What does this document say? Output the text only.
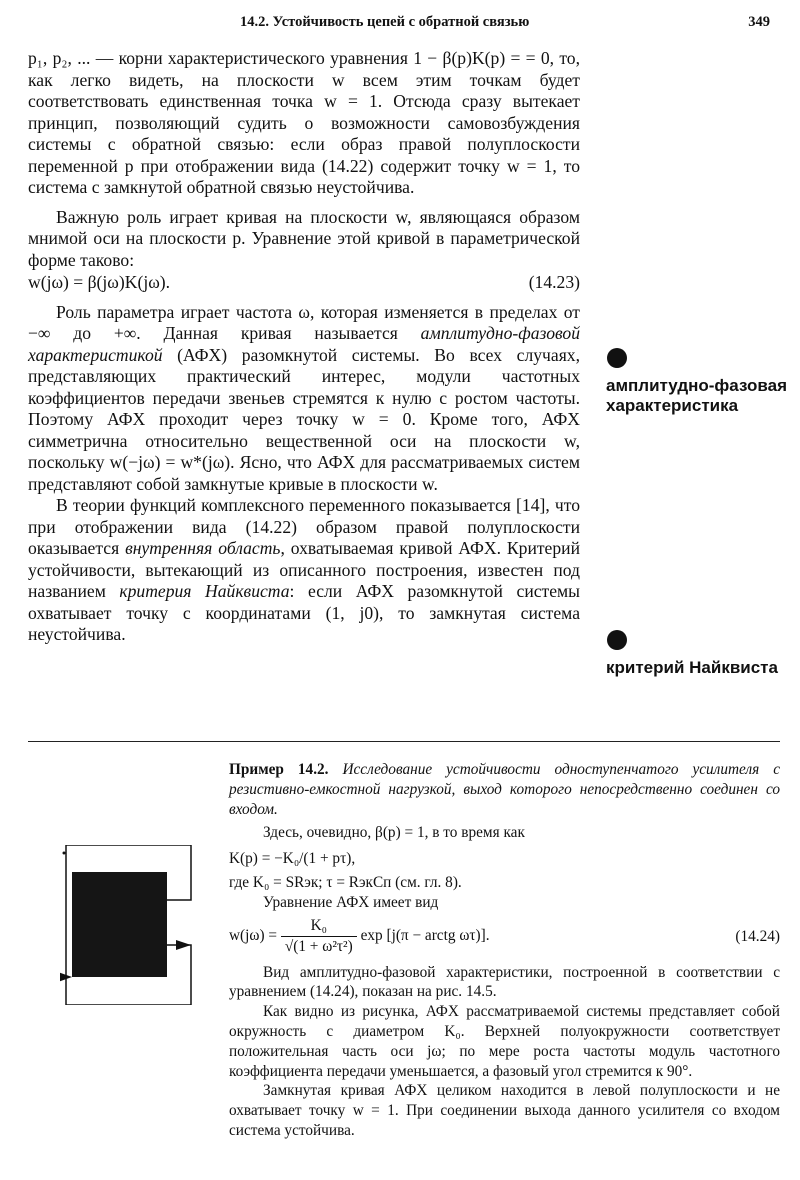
14.2. Устойчивость цепей с обратной связью	349

p₁, p₂, ... — корни характеристического уравнения 1 − β(p)K(p) = = 0, то, как легко видеть, на плоскости w всем этим точкам будет соответствовать единственная точка w = 1. Отсюда сразу вытекает принцип, позволяющий судить о возможности самовозбуждения системы с обратной связью: если образ правой полуплоскости переменной p при отображении вида (14.22) содержит точку w = 1, то система с замкнутой обратной связью неустойчива.

Важную роль играет кривая на плоскости w, являющаяся образом мнимой оси на плоскости p. Уравнение этой кривой в параметрической форме таково:

w(jω) = β(jω)K(jω).	(14.23)

Роль параметра играет частота ω, которая изменяется в пределах от −∞ до +∞. Данная кривая называется амплитудно-фазовой характеристикой (АФХ) разомкнутой системы. Во всех случаях, представляющих практический интерес, модули частотных коэффициентов передачи звеньев стремятся к нулю с ростом частоты. Поэтому АФХ проходит через точку w = 0. Кроме того, АФХ симметрична относительно вещественной оси на плоскости w, поскольку w(−jω) = w*(jω). Ясно, что АФХ для рассматриваемых систем представляют собой замкнутые кривые в плоскости w.

В теории функций комплексного переменного показывается [14], что при отображении вида (14.22) образом правой полуплоскости оказывается внутренняя область, охватываемая кривой АФХ. Критерий устойчивости, вытекающий из описанного построения, известен под названием критерия Найквиста: если АФХ разомкнутой системы охватывает точку с координатами (1, j0), то замкнутая система неустойчива.

амплитудно-фазовая характеристика
критерий Найквиста

Пример 14.2. Исследование устойчивости одноступенчатого усилителя с резистивно-емкостной нагрузкой, выход которого непосредственно соединен со входом.

Здесь, очевидно, β(p) = 1, в то время как

K(p) = −K₀/(1 + pτ),

где K₀ = SRэк; τ = RэкCп (см. гл. 8).

Уравнение АФХ имеет вид

$w(j\omega) = \frac{\text{K₀}}{\text{√(1 + ω²τ²)}}$ exp [j(π − arctg ωτ)].	(14.24)

Вид амплитудно-фазовой характеристики, построенной в соответствии с уравнением (14.24), показан на рис. 14.5.

Как видно из рисунка, АФХ рассматриваемой системы представляет собой окружность с диаметром K₀. Верхней полуокружности соответствует положительная часть оси jω; по мере роста частоты модуль частотного коэффициента передачи уменьшается, а фазовый угол стремится к 90°.

Замкнутая кривая АФХ целиком находится в левой полуплоскости и не охватывает точку w = 1. При соединении выхода данного усилителя со входом система устойчива.
